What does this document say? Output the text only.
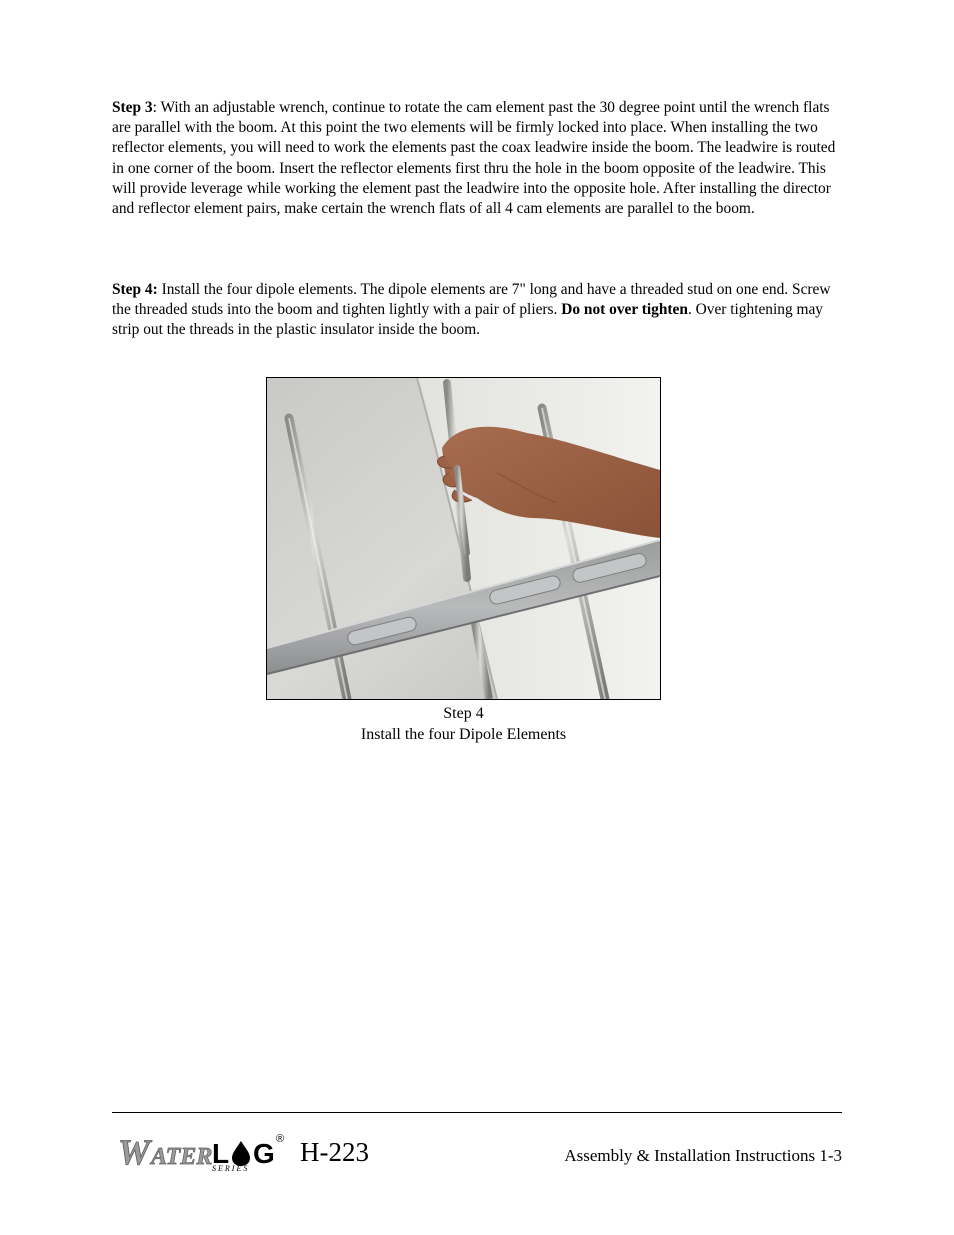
Step 3: With an adjustable wrench, continue to rotate the cam element past the 30 degree point until the wrench flats are parallel with the boom. At this point the two elements will be firmly locked into place. When installing the two reflector elements, you will need to work the elements past the coax leadwire inside the boom. The leadwire is routed in one corner of the boom. Insert the reflector elements first thru the hole in the boom opposite of the leadwire. This will provide leverage while working the element past the leadwire into the opposite hole. After installing the director and reflector element pairs, make certain the wrench flats of all 4 cam elements are parallel to the boom.

Step 4: Install the four dipole elements. The dipole elements are 7" long and have a threaded stud on one end. Screw the threaded studs into the boom and tighten lightly with a pair of pliers. Do not over tighten. Over tightening may strip out the threads in the plastic insulator inside the boom.

Step 4
Install the four Dipole Elements
W ATER L G ®
S E R I E S
H-223	Assembly & Installation Instructions 1-3
